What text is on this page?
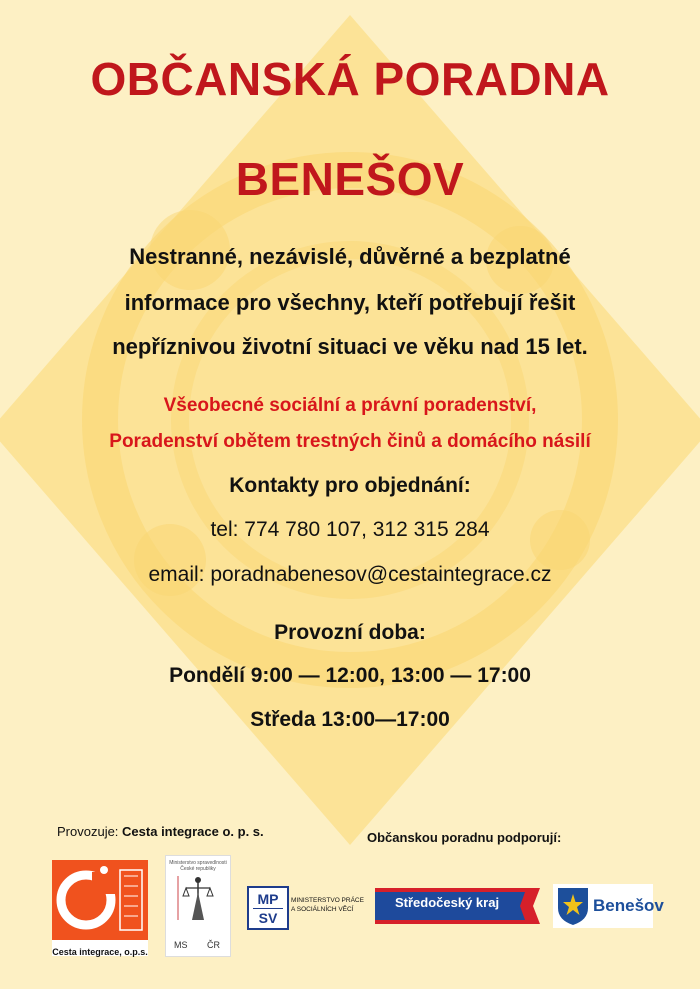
OBČANSKÁ PORADNA
BENEŠOV
Nestranné, nezávislé, důvěrné a bezplatné
informace pro všechny, kteří potřebují řešit
nepříznivou životní situaci ve věku nad 15 let.
Všeobecné sociální a právní poradenství,
Poradenství obětem trestných činů a domácího násilí
Kontakty pro objednání:
tel: 774 780 107, 312 315 284
email: poradnabenesov@cestaintegrace.cz
Provozní doba:
Pondělí 9:00 — 12:00, 13:00 — 17:00
Středa 13:00—17:00
Provozuje: Cesta integrace o. p. s.	Občanskou poradnu podporují:
Cesta integrace, o.p.s.
Ministerstvo spravedlnosti České republiky
MS ČR
MP
SV
MINISTERSTVO PRÁCE
A SOCIÁLNÍCH VĚCÍ	Středočeský kraj	Benešov
